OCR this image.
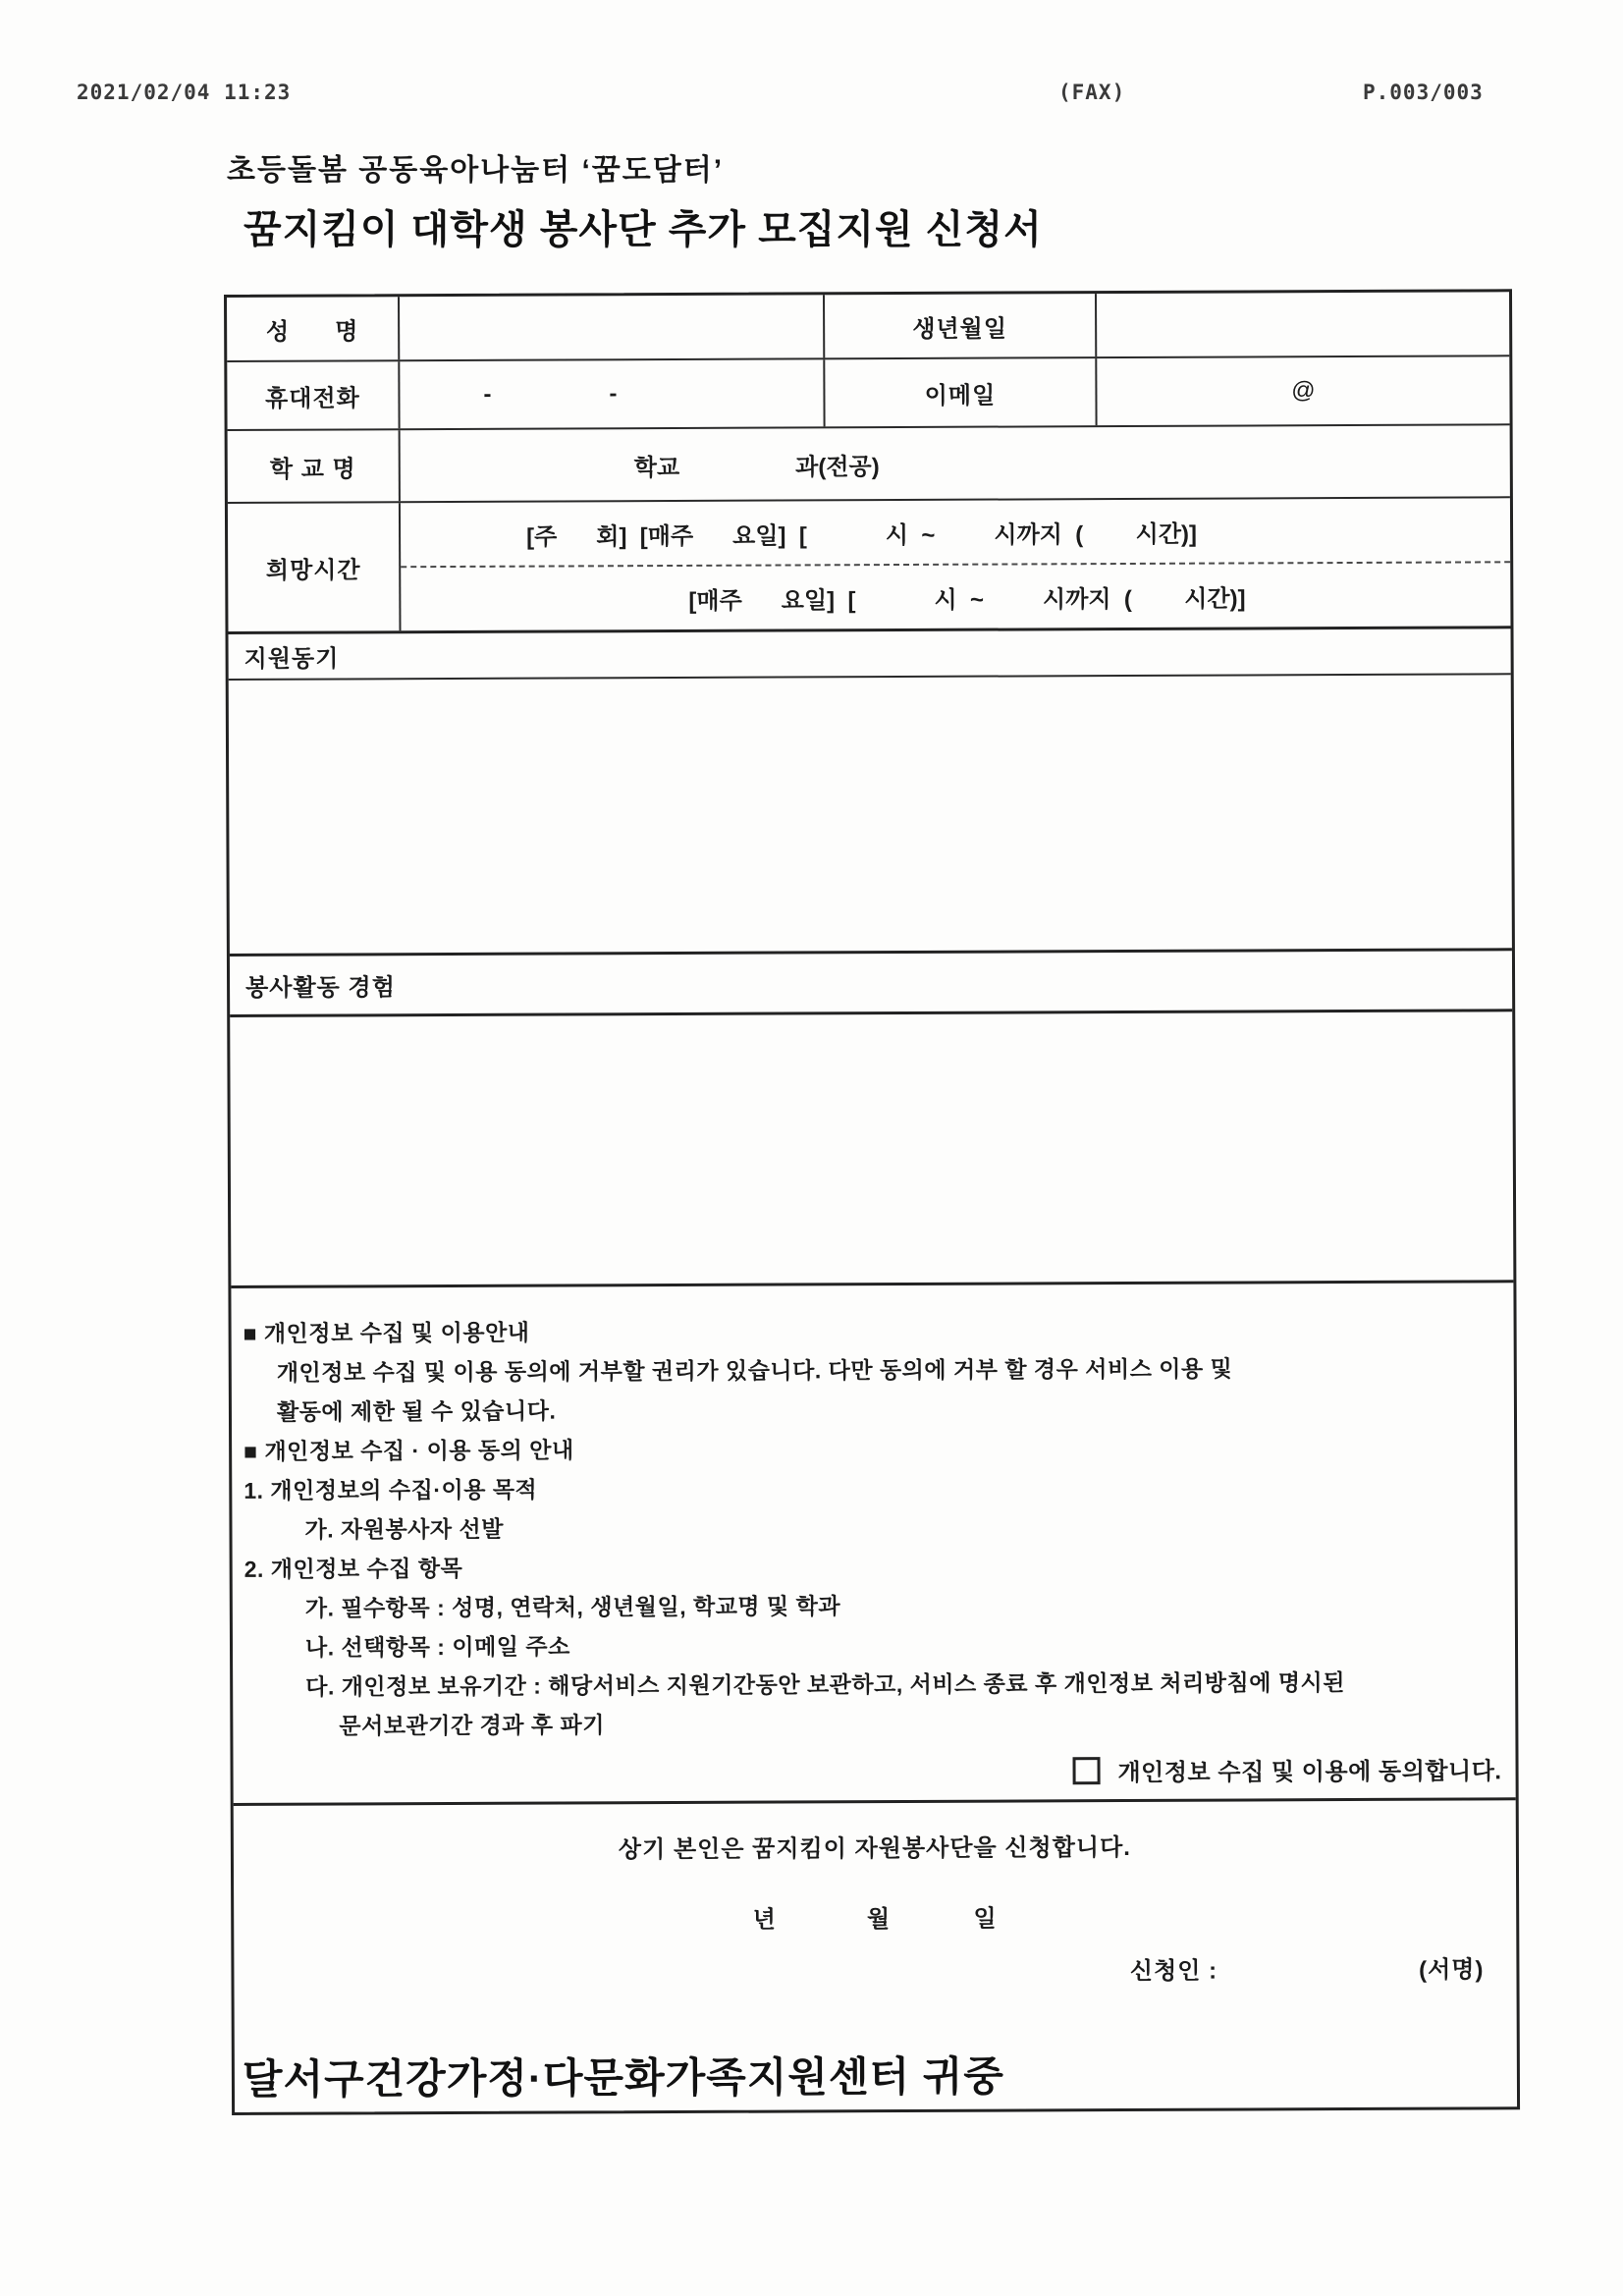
2021/02/04 11:23	(FAX)	P.003/003
초등돌봄 공동육아나눔터 ‘꿈도담터’
꿈지킴이 대학생 봉사단 추가 모집지원 신청서
성      명	생년월일
휴대전화	-                  -	이메일	@
학 교 명	학교	과(전공)
희망시간
[주      회]  [매주      요일]  [            시  ~         시까지  (        시간)]
[매주      요일]  [            시  ~         시까지  (        시간)]
지원동기
봉사활동 경험
■ 개인정보 수집 및 이용안내
개인정보 수집 및 이용 동의에 거부할 권리가 있습니다. 다만 동의에 거부 할 경우 서비스 이용 및
활동에 제한 될 수 있습니다.
■ 개인정보 수집 · 이용 동의 안내
1. 개인정보의 수집·이용 목적
가. 자원봉사자 선발
2. 개인정보 수집 항목
가. 필수항목 : 성명, 연락처, 생년월일, 학교명 및 학과
나. 선택항목 : 이메일 주소
다. 개인정보 보유기간 : 해당서비스 지원기간동안 보관하고, 서비스 종료 후 개인정보 처리방침에 명시된
문서보관기간 경과 후 파기
개인정보 수집 및 이용에 동의합니다.
상기 본인은 꿈지킴이 자원봉사단을 신청합니다.
년            월           일
신청인 :	(서명)
달서구건강가정·다문화가족지원센터 귀중
